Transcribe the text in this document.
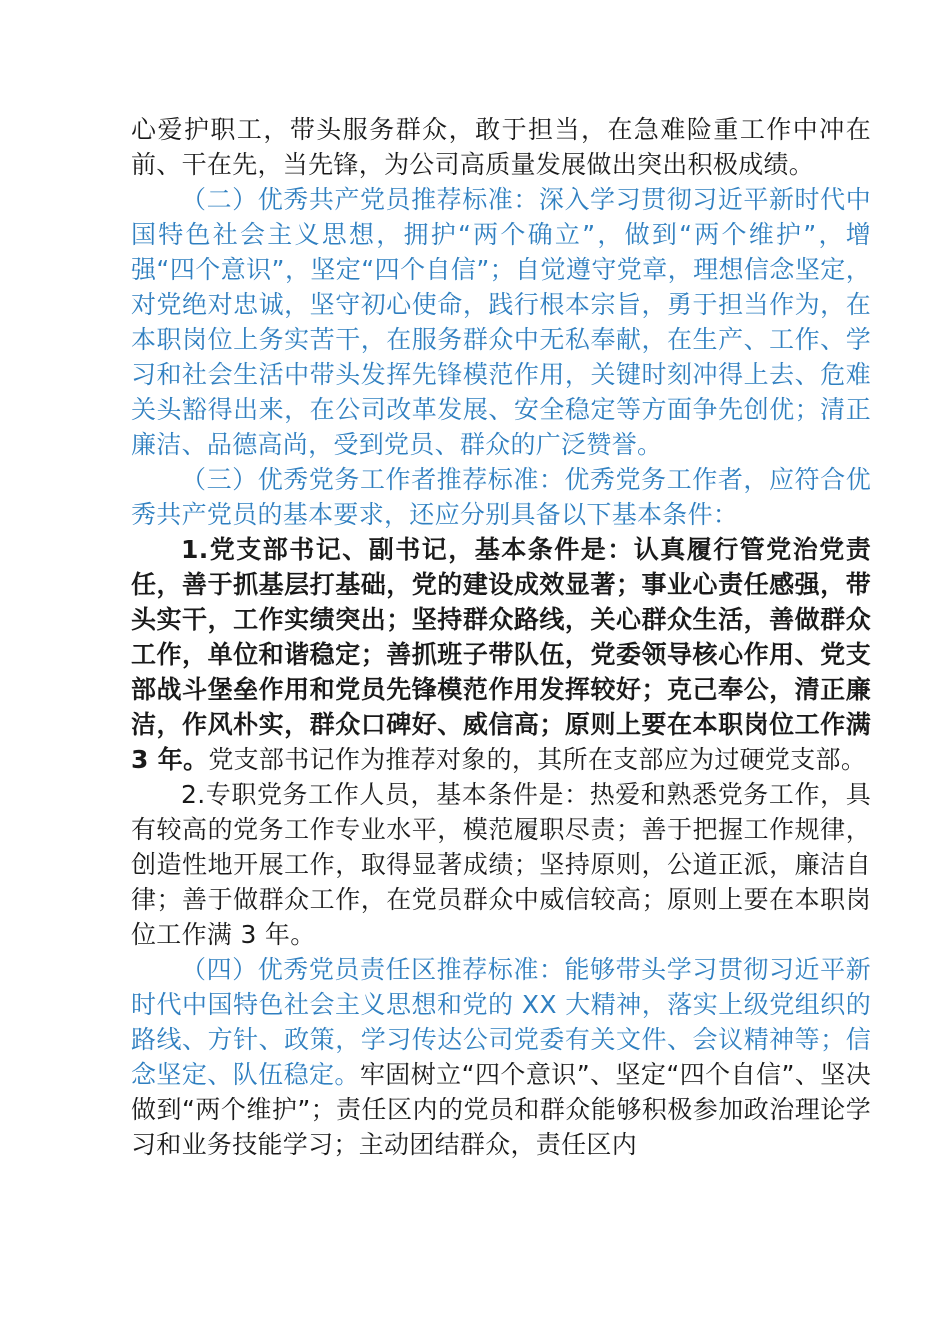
心爱护职工，带头服务群众，敢于担当，在急难险重工作中冲在前、干在先，当先锋，为公司高质量发展做出突出积极成绩。

（二）优秀共产党员推荐标准：深入学习贯彻习近平新时代中国特色社会主义思想，拥护“两个确立”，做到“两个维护”，增强“四个意识”，坚定“四个自信”；自觉遵守党章，理想信念坚定，对党绝对忠诚，坚守初心使命，践行根本宗旨，勇于担当作为，在本职岗位上务实苦干，在服务群众中无私奉献，在生产、工作、学习和社会生活中带头发挥先锋模范作用，关键时刻冲得上去、危难关头豁得出来，在公司改革发展、安全稳定等方面争先创优；清正廉洁、品德高尚，受到党员、群众的广泛赞誉。

（三）优秀党务工作者推荐标准：优秀党务工作者，应符合优秀共产党员的基本要求，还应分别具备以下基本条件：

1.党支部书记、副书记，基本条件是：认真履行管党治党责任，善于抓基层打基础，党的建设成效显著；事业心责任感强，带头实干，工作实绩突出；坚持群众路线，关心群众生活，善做群众工作，单位和谐稳定；善抓班子带队伍，党委领导核心作用、党支部战斗堡垒作用和党员先锋模范作用发挥较好；克己奉公，清正廉洁，作风朴实，群众口碑好、威信高；原则上要在本职岗位工作满 3 年。党支部书记作为推荐对象的，其所在支部应为过硬党支部。

2.专职党务工作人员，基本条件是：热爱和熟悉党务工作，具有较高的党务工作专业水平，模范履职尽责；善于把握工作规律，创造性地开展工作，取得显著成绩；坚持原则，公道正派，廉洁自律；善于做群众工作，在党员群众中威信较高；原则上要在本职岗位工作满 3 年。

（四）优秀党员责任区推荐标准：能够带头学习贯彻习近平新时代中国特色社会主义思想和党的 XX 大精神，落实上级党组织的路线、方针、政策，学习传达公司党委有关文件、会议精神等；信念坚定、队伍稳定。牢固树立“四个意识”、坚定“四个自信”、坚决做到“两个维护”；责任区内的党员和群众能够积极参加政治理论学习和业务技能学习；主动团结群众，责任区内
